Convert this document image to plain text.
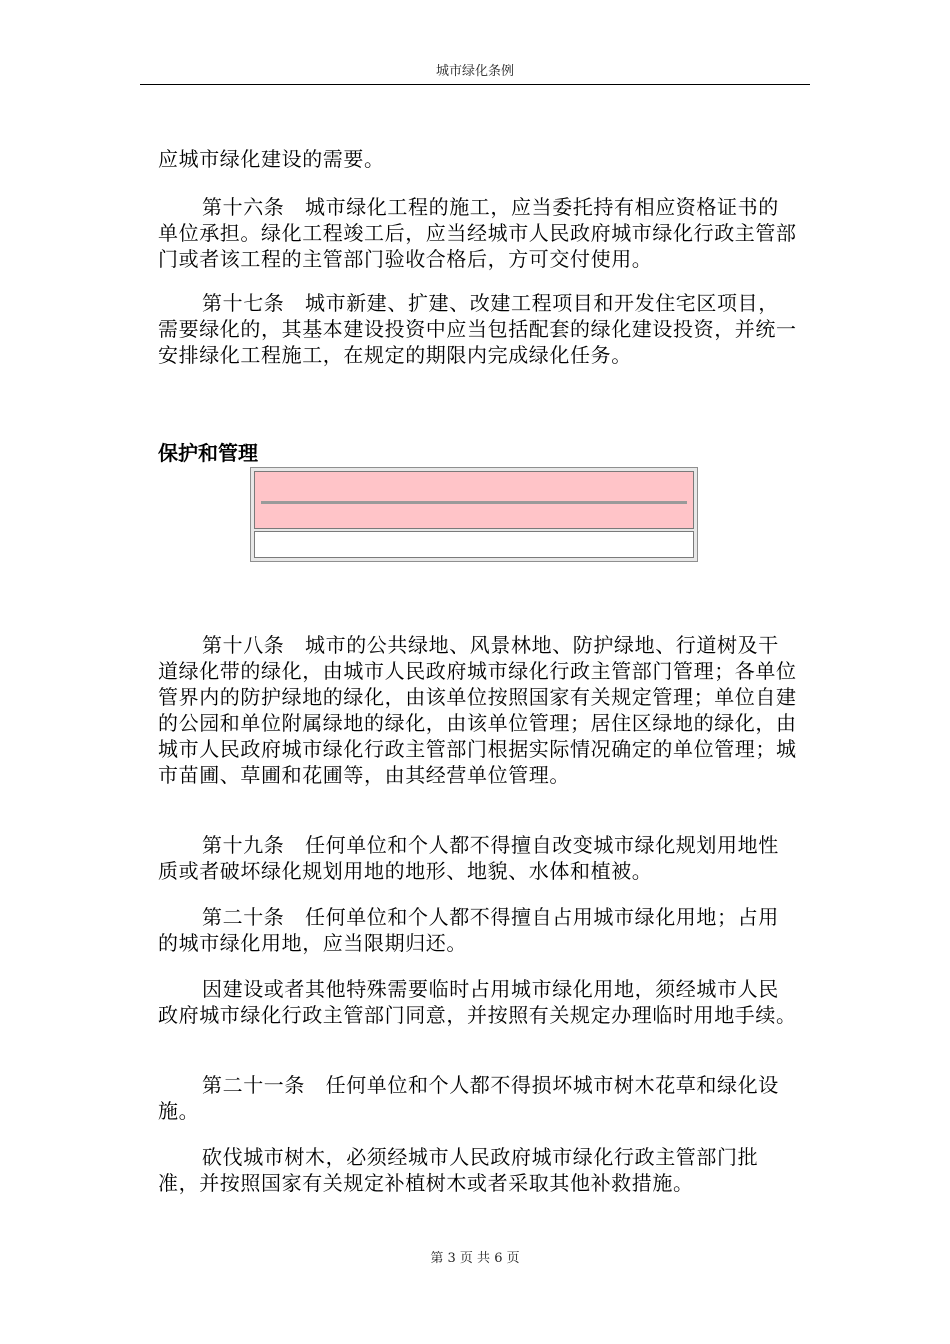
城市绿化条例

应城市绿化建设的需要。

第十六条　城市绿化工程的施工，应当委托持有相应资格证书的单位承担。绿化工程竣工后，应当经城市人民政府城市绿化行政主管部门或者该工程的主管部门验收合格后，方可交付使用。

第十七条　城市新建、扩建、改建工程项目和开发住宅区项目，需要绿化的，其基本建设投资中应当包括配套的绿化建设投资，并统一安排绿化工程施工，在规定的期限内完成绿化任务。

保护和管理

第十八条　城市的公共绿地、风景林地、防护绿地、行道树及干道绿化带的绿化，由城市人民政府城市绿化行政主管部门管理；各单位管界内的防护绿地的绿化，由该单位按照国家有关规定管理；单位自建的公园和单位附属绿地的绿化，由该单位管理；居住区绿地的绿化，由城市人民政府城市绿化行政主管部门根据实际情况确定的单位管理；城市苗圃、草圃和花圃等，由其经营单位管理。

第十九条　任何单位和个人都不得擅自改变城市绿化规划用地性质或者破坏绿化规划用地的地形、地貌、水体和植被。

第二十条　任何单位和个人都不得擅自占用城市绿化用地；占用的城市绿化用地，应当限期归还。

因建设或者其他特殊需要临时占用城市绿化用地，须经城市人民政府城市绿化行政主管部门同意，并按照有关规定办理临时用地手续。

第二十一条　任何单位和个人都不得损坏城市树木花草和绿化设施。

砍伐城市树木，必须经城市人民政府城市绿化行政主管部门批准，并按照国家有关规定补植树木或者采取其他补救措施。

第 3 页 共 6 页
